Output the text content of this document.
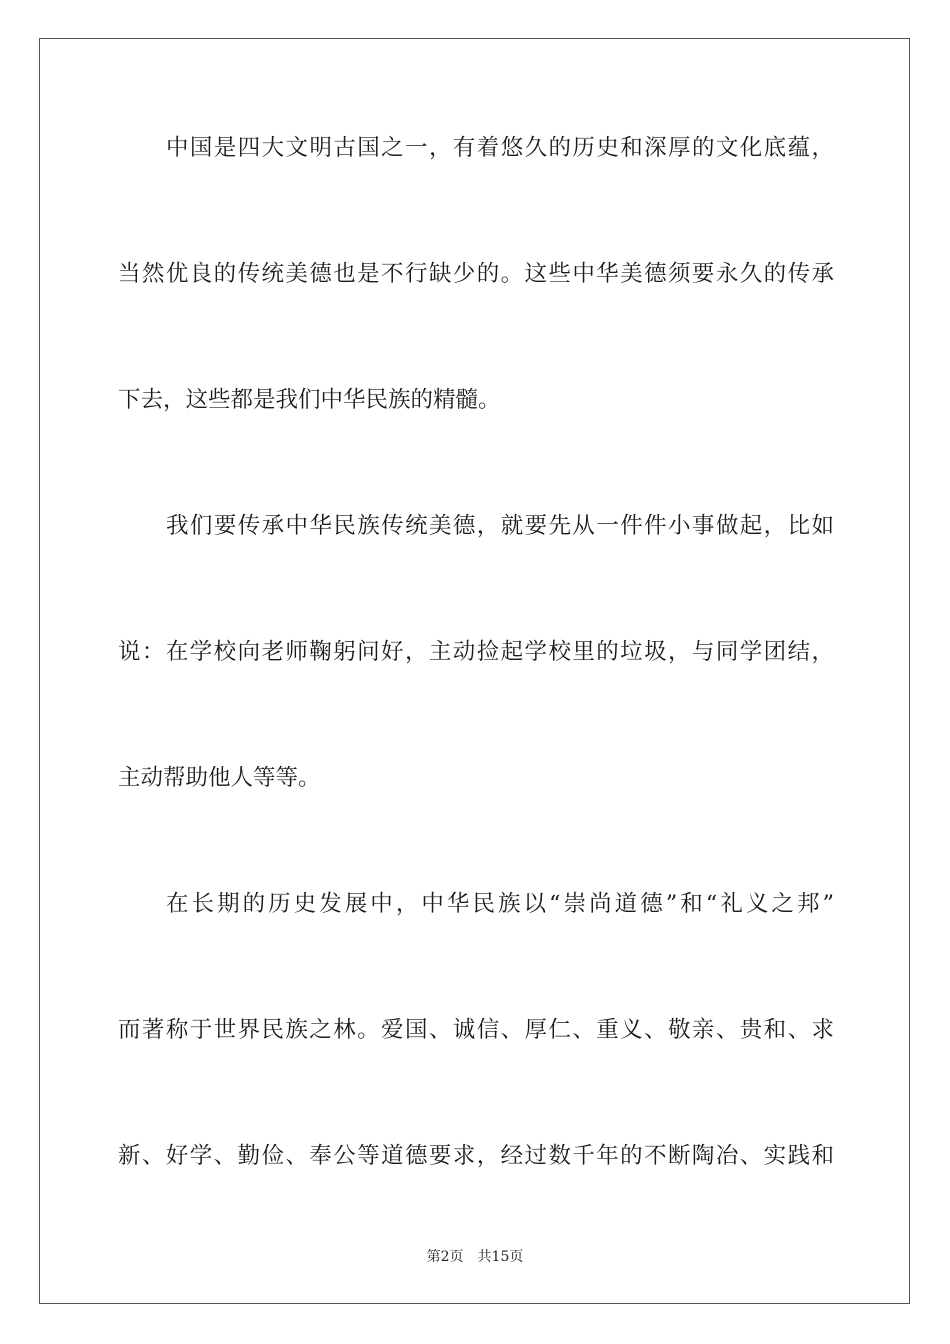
中国是四大文明古国之一，有着悠久的历史和深厚的文化底蕴，
当然优良的传统美德也是不行缺少的。这些中华美德须要永久的传承
下去，这些都是我们中华民族的精髓。
我们要传承中华民族传统美德，就要先从一件件小事做起，比如
说：在学校向老师鞠躬问好，主动捡起学校里的垃圾，与同学团结，
主动帮助他人等等。
在长期的历史发展中，中华民族以“崇尚道德”和“礼义之邦”
而著称于世界民族之林。爱国、诚信、厚仁、重义、敬亲、贵和、求
新、好学、勤俭、奉公等道德要求，经过数千年的不断陶冶、实践和
第2页 共15页
